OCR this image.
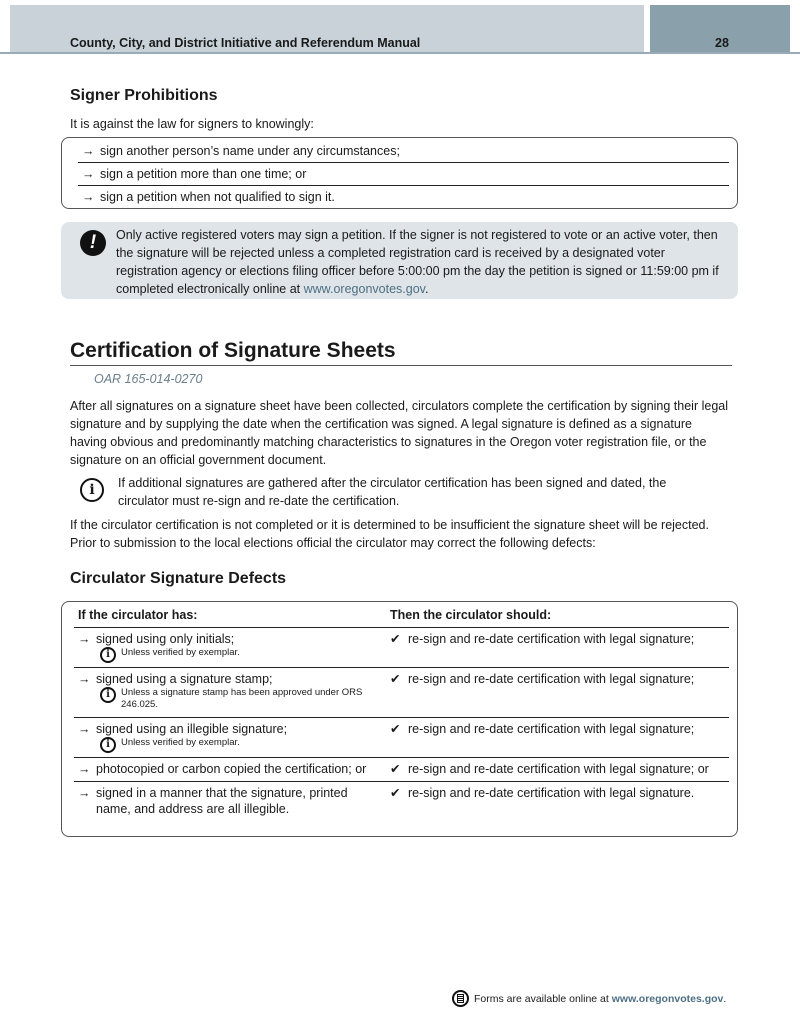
County, City, and District Initiative and Referendum Manual	28
Signer Prohibitions
It is against the law for signers to knowingly:
→ sign another person’s name under any circumstances;
→ sign a petition more than one time; or
→ sign a petition when not qualified to sign it.
!	Only active registered voters may sign a petition. If the signer is not registered to vote or an active voter, then the signature will be rejected unless a completed registration card is received by a designated voter registration agency or elections filing officer before 5:00:00 pm the day the petition is signed or 11:59:00 pm if completed electronically online at www.oregonvotes.gov.
Certification of Signature Sheets
OAR 165-014-0270
After all signatures on a signature sheet have been collected, circulators complete the certification by signing their legal signature and by supplying the date when the certification was signed. A legal signature is defined as a signature having obvious and predominantly matching characteristics to signatures in the Oregon voter registration file, or the signature on an official government document.
i	If additional signatures are gathered after the circulator certification has been signed and dated, the circulator must re-sign and re-date the certification.
If the circulator certification is not completed or it is determined to be insufficient the signature sheet will be rejected. Prior to submission to the local elections official the circulator may correct the following defects:
Circulator Signature Defects
If the circulator has:	Then the circulator should:
→ signed using only initials;
i Unless verified by exemplar.	✔ re-sign and re-date certification with legal signature;
→ signed using a signature stamp;
i Unless a signature stamp has been approved under ORS 246.025.	✔ re-sign and re-date certification with legal signature;
→ signed using an illegible signature;
i Unless verified by exemplar.	✔ re-sign and re-date certification with legal signature;
→ photocopied or carbon copied the certification; or	✔ re-sign and re-date certification with legal signature; or
→ signed in a manner that the signature, printed name, and address are all illegible.	✔ re-sign and re-date certification with legal signature.
Forms are available online at www.oregonvotes.gov.
